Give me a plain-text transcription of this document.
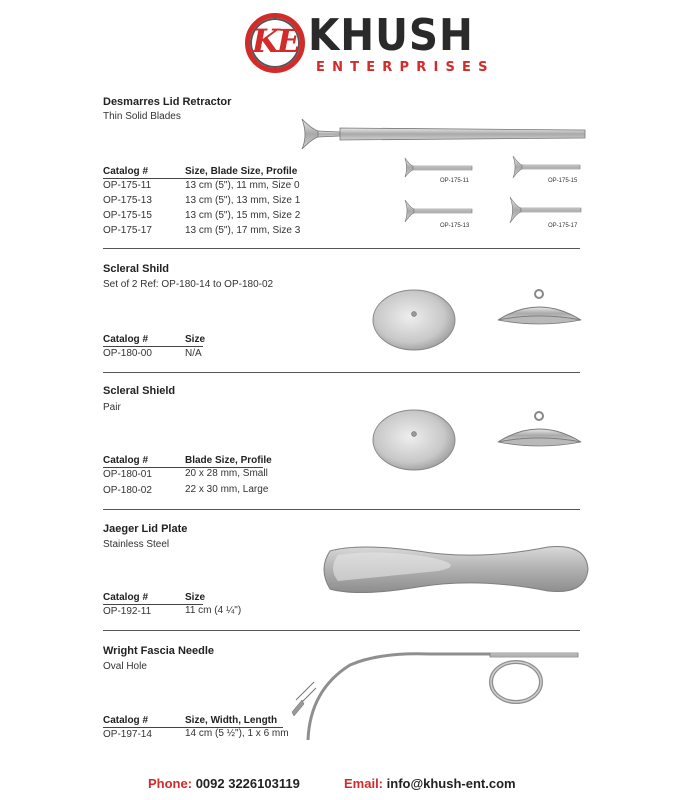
KE KHUSH
ENTERPRISES
Desmarres Lid Retractor
Thin Solid Blades
Catalog #	Size, Blade Size, Profile
OP-175-11	13 cm (5"), 11 mm, Size 0
OP-175-13	13 cm (5"), 13 mm, Size 1
OP-175-15	13 cm (5"), 15 mm, Size 2
OP-175-17	13 cm (5"), 17 mm, Size 3
OP-175-11	OP-175-15
OP-175-13	OP-175-17
Scleral Shild
Set of 2 Ref: OP-180-14 to OP-180-02
Catalog #	Size
OP-180-00	N/A
Scleral Shield
Pair
Catalog #	Blade Size, Profile
OP-180-01	20 x 28 mm, Small
OP-180-02	22 x 30 mm, Large
Jaeger Lid Plate
Stainless Steel
Catalog #	Size
OP-192-11	11 cm (4 ¼")
Wright Fascia Needle
Oval Hole
Catalog #	Size, Width, Length
OP-197-14	14 cm (5 ½"), 1 x 6 mm
Phone: 0092 3226103119	Email: info@khush-ent.com
